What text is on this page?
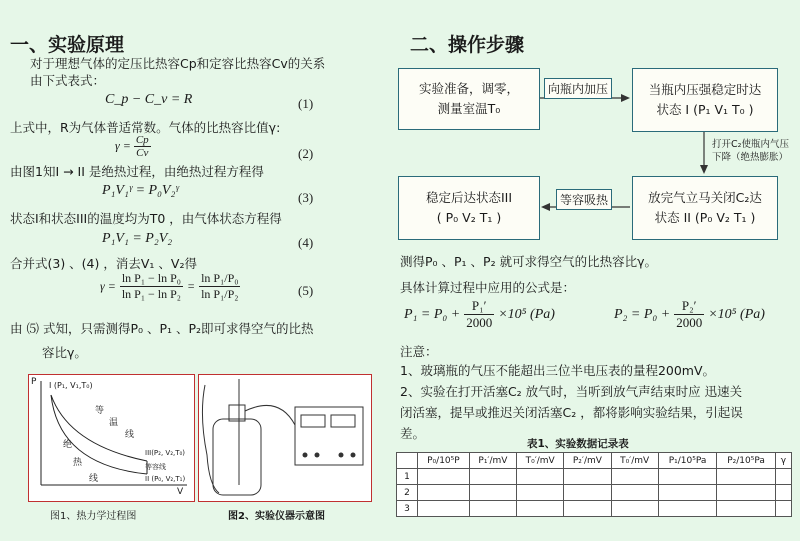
一、实验原理
对于理想气体的定压比热容Cp和定容比热容Cv的关系
由下式表式：
C_p − C_v = R	(1)
上式中，R为气体普适常数。气体的比热容比值γ:
$\gamma = \frac{Cp}{Cv}$	(2)
由图1知I → II 是绝热过程，由绝热过程方程得
P₁V₁ᵞ = P₀V₂ᵞ	(3)
状态I和状态III的温度均为T0 ，由气体状态方程得
P₁V₁ = P₂V₂	(4)
合并式(3) 、(4) ，消去V₁ 、V₂得
$\gamma = \frac{\text{ln P₁ − ln P₀}}{\text{ln P₁ − ln P₂}} = \frac{\text{ln P₁/P₀}}{\text{ln P₁/P₂}}$	(5)
由 ⑸ 式知，只需测得P₀ 、P₁ 、P₂即可求得空气的比热
容比γ。
P
V
I (P₁, V₁,T₀)
III(P₂, V₂,T₀)
II (P₀, V₂,T₁)
等容线
等
温
线
绝
热
线
图1、热力学过程图	图2、实验仪器示意图
二、操作步骤
实验准备，调零，
测量室温T₀
当瓶内压强稳定时达
状态 I (P₁ V₁ T₀ )
放完气立马关闭C₂达
状态 II (P₀ V₂ T₁ )
稳定后达状态III
( P₀ V₂ T₁ )
向瓶内加压
打开C₂使瓶内气压
下降（绝热膨胀）
等容吸热
测得P₀ 、P₁ 、P₂ 就可求得空气的比热容比γ。
具体计算过程中应用的公式是：
$P_1 = P_0 + \frac{\text{P₁′}}{2000} \times 10^5$ (Pa)	$P_2 = P_0 + \frac{\text{P₂′}}{2000} \times 10^5$ (Pa)
注意：
1、玻璃瓶的气压不能超出三位半电压表的量程200mV。
2、实验在打开活塞C₂ 放气时，当听到放气声结束时应 迅速关
闭活塞，提早或推迟关闭活塞C₂ ，都将影响实验结果，引起误
差。
表1、实验数据记录表
	P₀/10⁵P	P₁′/mV	T₀′/mV	P₂′/mV	T₀′/mV	P₁/10⁵Pa	P₂/10⁵Pa	γ
1								
2								
3								
